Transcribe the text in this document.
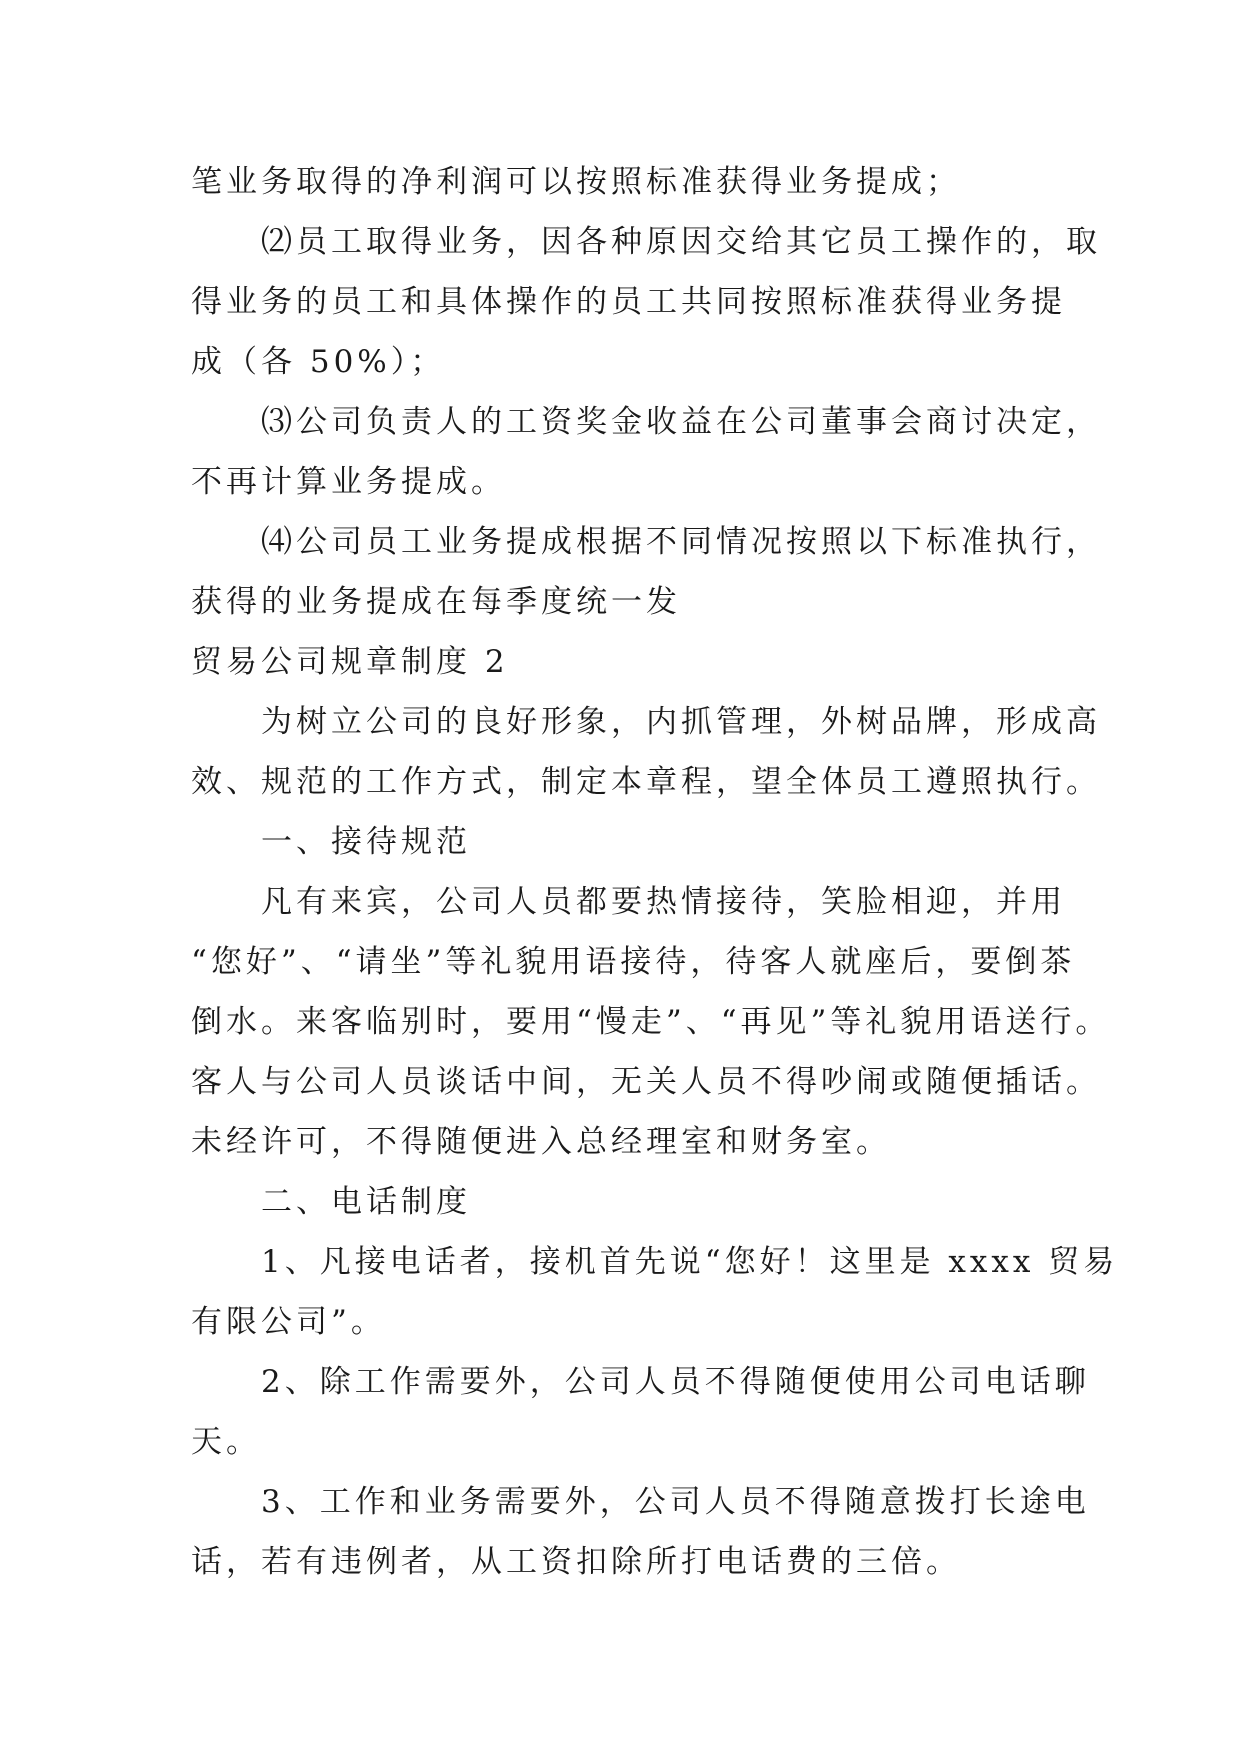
笔业务取得的净利润可以按照标准获得业务提成；

　　⑵员工取得业务，因各种原因交给其它员工操作的，取

得业务的员工和具体操作的员工共同按照标准获得业务提

成（各 50%）；

　　⑶公司负责人的工资奖金收益在公司董事会商讨决定，

不再计算业务提成。

　　⑷公司员工业务提成根据不同情况按照以下标准执行，

获得的业务提成在每季度统一发

贸易公司规章制度 2

　　为树立公司的良好形象，内抓管理，外树品牌，形成高

效、规范的工作方式，制定本章程，望全体员工遵照执行。

　　一、接待规范

　　凡有来宾，公司人员都要热情接待，笑脸相迎，并用

“您好”、“请坐”等礼貌用语接待，待客人就座后，要倒茶

倒水。来客临别时，要用“慢走”、“再见”等礼貌用语送行。

客人与公司人员谈话中间，无关人员不得吵闹或随便插话。

未经许可，不得随便进入总经理室和财务室。

　　二、电话制度

　　1、凡接电话者，接机首先说“您好！这里是 xxxx 贸易

有限公司”。

　　2、除工作需要外，公司人员不得随便使用公司电话聊

天。

　　3、工作和业务需要外，公司人员不得随意拨打长途电

话，若有违例者，从工资扣除所打电话费的三倍。
